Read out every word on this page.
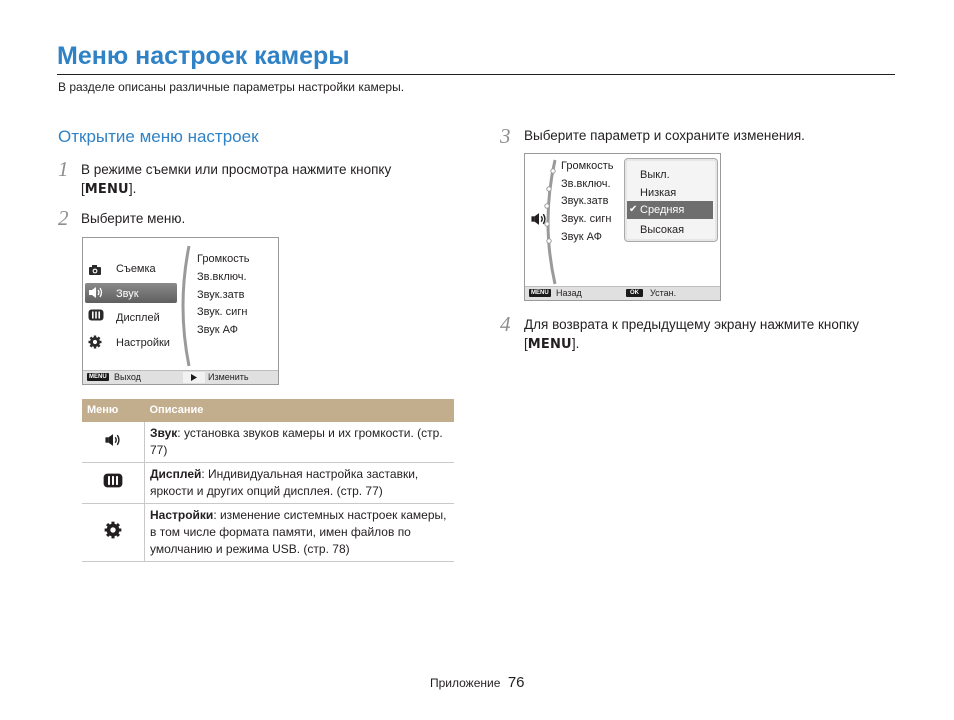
Меню настроек камеры
В разделе описаны различные параметры настройки камеры.
Открытие меню настроек
1 В режиме съемки или просмотра нажмите кнопку
[MENU].
2 Выберите меню.
Съемка
Звук
Дисплей
Настройки
Громкость
Зв.включ.
Звук.затв
Звук. сигн
Звук АФ
MENU Выход	Изменить
Меню	Описание
	Звук: установка звуков камеры и их громкости. (стр. 77)
	Дисплей: Индивидуальная настройка заставки, яркости и других опций дисплея. (стр. 77)
	Настройки: изменение системных настроек камеры, в том числе формата памяти, имен файлов по умолчанию и режима USB. (стр. 78)
3 Выберите параметр и сохраните изменения.
Громкость
Зв.включ.
Звук.затв
Звук. сигн
Звук АФ
Выкл.
Низкая
✔ Средняя
Высокая
MENU Назад	OK	Устан.
4 Для возврата к предыдущему экрану нажмите кнопку
[MENU].
Приложение 76
